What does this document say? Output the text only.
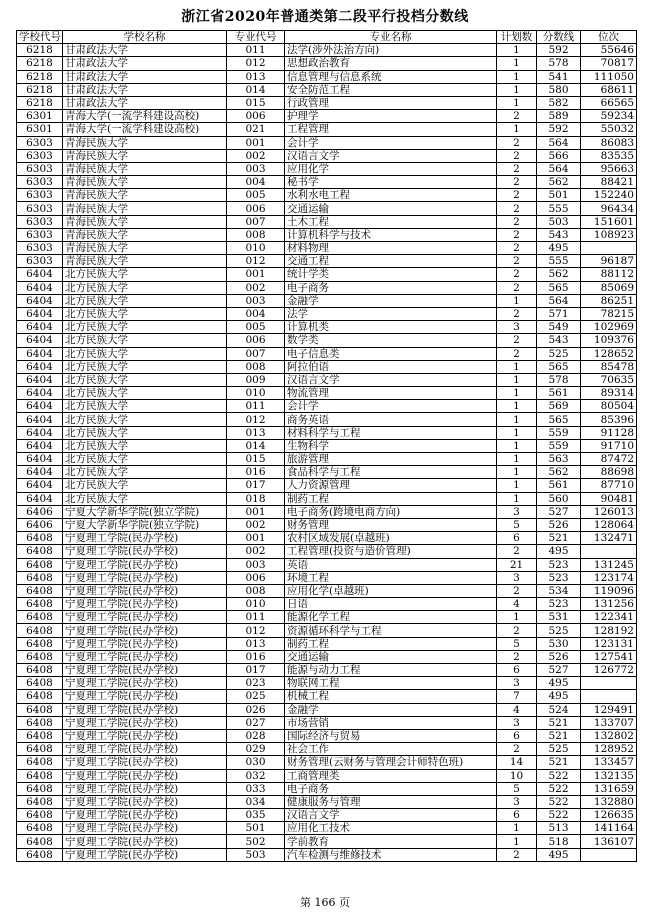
浙江省2020年普通类第二段平行投档分数线
学校代号	学校名称	专业代号	专业名称	计划数	分数线	位次
6218	甘肃政法大学	011	法学(涉外法治方向)	1	592	55646
6218	甘肃政法大学	012	思想政治教育	1	578	70817
6218	甘肃政法大学	013	信息管理与信息系统	1	541	111050
6218	甘肃政法大学	014	安全防范工程	1	580	68611
6218	甘肃政法大学	015	行政管理	1	582	66565
6301	青海大学(一流学科建设高校)	006	护理学	2	589	59234
6301	青海大学(一流学科建设高校)	021	工程管理	1	592	55032
6303	青海民族大学	001	会计学	2	564	86083
6303	青海民族大学	002	汉语言文学	2	566	83535
6303	青海民族大学	003	应用化学	2	564	95663
6303	青海民族大学	004	秘书学	2	562	88421
6303	青海民族大学	005	水利水电工程	2	501	152240
6303	青海民族大学	006	交通运输	2	555	96434
6303	青海民族大学	007	土木工程	2	503	151601
6303	青海民族大学	008	计算机科学与技术	2	543	108923
6303	青海民族大学	010	材料物理	2	495	
6303	青海民族大学	012	交通工程	2	555	96187
6404	北方民族大学	001	统计学类	2	562	88112
6404	北方民族大学	002	电子商务	2	565	85069
6404	北方民族大学	003	金融学	1	564	86251
6404	北方民族大学	004	法学	2	571	78215
6404	北方民族大学	005	计算机类	3	549	102969
6404	北方民族大学	006	数学类	2	543	109376
6404	北方民族大学	007	电子信息类	2	525	128652
6404	北方民族大学	008	阿拉伯语	1	565	85478
6404	北方民族大学	009	汉语言文学	1	578	70635
6404	北方民族大学	010	物流管理	1	561	89314
6404	北方民族大学	011	会计学	1	569	80504
6404	北方民族大学	012	商务英语	1	565	85396
6404	北方民族大学	013	材料科学与工程	1	559	91128
6404	北方民族大学	014	生物科学	1	559	91710
6404	北方民族大学	015	旅游管理	1	563	87472
6404	北方民族大学	016	食品科学与工程	1	562	88698
6404	北方民族大学	017	人力资源管理	1	561	87710
6404	北方民族大学	018	制药工程	1	560	90481
6406	宁夏大学新华学院(独立学院)	001	电子商务(跨境电商方向)	3	527	126013
6406	宁夏大学新华学院(独立学院)	002	财务管理	5	526	128064
6408	宁夏理工学院(民办学校)	001	农村区域发展(卓越班)	6	521	132471
6408	宁夏理工学院(民办学校)	002	工程管理(投资与造价管理)	2	495	
6408	宁夏理工学院(民办学校)	003	英语	21	523	131245
6408	宁夏理工学院(民办学校)	006	环境工程	3	523	123174
6408	宁夏理工学院(民办学校)	008	应用化学(卓越班)	2	534	119096
6408	宁夏理工学院(民办学校)	010	日语	4	523	131256
6408	宁夏理工学院(民办学校)	011	能源化学工程	1	531	122341
6408	宁夏理工学院(民办学校)	012	资源循环科学与工程	2	525	128192
6408	宁夏理工学院(民办学校)	013	制药工程	5	530	123131
6408	宁夏理工学院(民办学校)	016	交通运输	2	526	127541
6408	宁夏理工学院(民办学校)	017	能源与动力工程	6	527	126772
6408	宁夏理工学院(民办学校)	023	物联网工程	3	495	
6408	宁夏理工学院(民办学校)	025	机械工程	7	495	
6408	宁夏理工学院(民办学校)	026	金融学	4	524	129491
6408	宁夏理工学院(民办学校)	027	市场营销	3	521	133707
6408	宁夏理工学院(民办学校)	028	国际经济与贸易	6	521	132802
6408	宁夏理工学院(民办学校)	029	社会工作	2	525	128952
6408	宁夏理工学院(民办学校)	030	财务管理(云财务与管理会计师特色班)	14	521	133457
6408	宁夏理工学院(民办学校)	032	工商管理类	10	522	132135
6408	宁夏理工学院(民办学校)	033	电子商务	5	522	131659
6408	宁夏理工学院(民办学校)	034	健康服务与管理	3	522	132880
6408	宁夏理工学院(民办学校)	035	汉语言文学	6	522	126635
6408	宁夏理工学院(民办学校)	501	应用化工技术	1	513	141164
6408	宁夏理工学院(民办学校)	502	学前教育	1	518	136107
6408	宁夏理工学院(民办学校)	503	汽车检测与维修技术	2	495	
第 166 页
